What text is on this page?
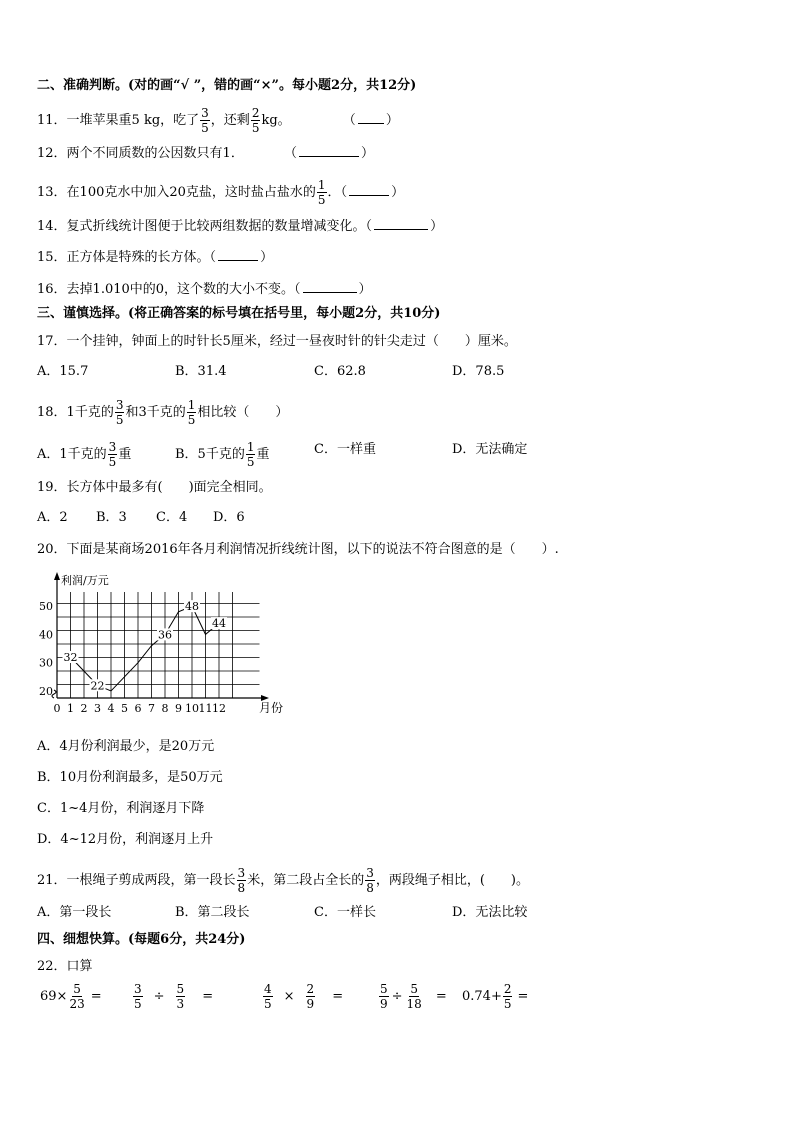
二、准确判断。(对的画“√ ”，错的画“×”。每小题2分，共12分)
11．一堆苹果重5 kg，吃了 $\frac{3}{5}$ ，还剩 $\frac{2}{5}$ kg。	（ ）
12．两个不同质数的公因数只有1．	（	）
13．在100克水中加入20克盐，这时盐占盐水的 $\frac{1}{5}$ ．（	）
14．复式折线统计图便于比较两组数据的数量增减变化。（	）
15．正方体是特殊的长方体。（	）
16．去掉1.010中的0，这个数的大小不变。（	）
三、谨慎选择。(将正确答案的标号填在括号里，每小题2分，共10分)
17．一个挂钟，钟面上的时针长5厘米，经过一昼夜时针的针尖走过（　　）厘米。
A．15.7	B．31.4	C．62.8	D．78.5
18．1千克的 $\frac{3}{5}$ 和3千克的 $\frac{1}{5}$ 相比较（　　）
A．1千克的 $\frac{3}{5}$ 重	B．5千克的 $\frac{1}{5}$ 重	C．一样重	D．无法确定
19．长方体中最多有(　　)面完全相同。
A．2 B．3 C．4 D．6
20．下面是某商场2016年各月利润情况折线统计图，以下的说法不符合图意的是（　　）.
利润/万元
月份
20
30
40
50
0 1 2 3 4 5 6 7 8 9 10 11 12
32
22
36
48
44
A．4月份利润最少，是20万元
B．10月份利润最多，是50万元
C．1~4月份，利润逐月下降
D．4~12月份，利润逐月上升
21．一根绳子剪成两段，第一段长 $\frac{3}{8}$ 米，第二段占全长的 $\frac{3}{8}$ ，两段绳子相比，(　　)。
A．第一段长	B．第二段长	C．一样长	D．无法比较
四、细想快算。(每题6分，共24分)
22．口算
$69\times \frac{5}{23}$ =	$\frac{3}{5} \div \frac{5}{3}$ =	$\frac{4}{5} \times \frac{2}{9}$ =	$\frac{5}{9} \div \frac{5}{18} = 0.74+ \frac{2}{5}$ =
